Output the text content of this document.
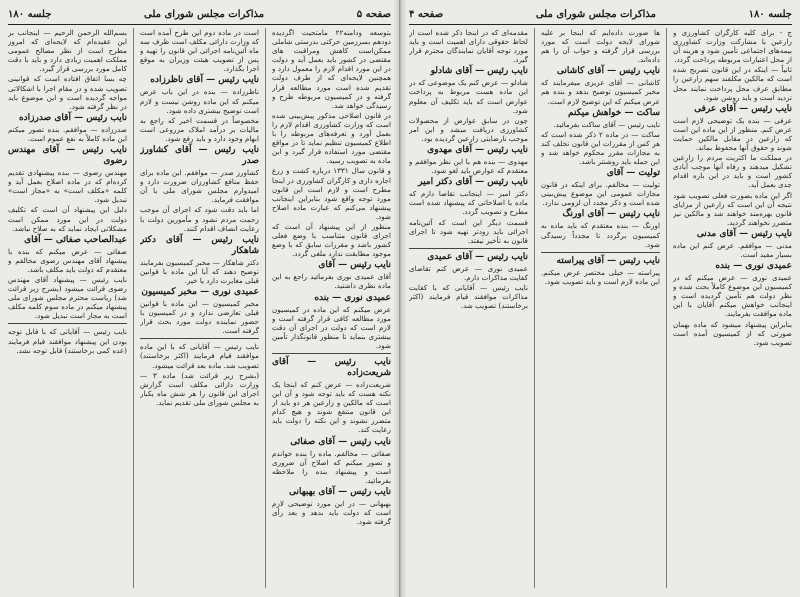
صفحه ۵
مذاکرات مجلس شورای ملی
جلسه ۱۸۰

بتوسعه ودامنه۲۲ مامتحیت اگردیده دودهم بسرزمین حرکتی بدرستی شاملی ممکن‌است کاهش ومراقبت های مقتضی در کشور باید بعمل آید و دولت در این مورد اقدام لازم را معمول دارد و همچنین لایحه‌ای که از طرف دولت تقدیم شده است مورد مطالعه قرار گرفته و در کمیسیون مربوطه طرح و رسیدگی خواهد شد.

در قانون اصلاحی مذکور پیش‌بینی شده است که وزارت کشاورزی اقدام لازم را بعمل آورد و تعرفه‌های مربوطه را با اطلاع کمیسیون تنظیم نماید تا در مواقع مقتضی مورد استفاده قرار گیرد و این ماده به تصویب رسید.

و قانون سال ۱۳۳۱ درباره کشت و زرع اجاره داری و کارگران کشاورزی در اینجا مطرح است و لازم است این قانون مورد توجه واقع شود بنابراین اینجانب پیشنهاد می‌کنم که عبارت ماده اصلاح شود.

منظور از این پیشنهاد آن است که اجرای قانون متناسب با وضع فعلی کشور باشد و مقررات سابق که با وضع موجود مطابقت ندارد ملغی گردد.

نایب رئیس — آقای

آقای عمیدی نوری بفرمائید راجع به این ماده نظری داشتید.

عمیدی نوری — بنده

عرض میکنم که این ماده در کمیسیون مورد مطالعه کافی قرار گرفته است و لازم است که دولت در اجرای آن دقت بیشتری بنماید تا منظور قانونگذار تأمین شود.

نایب رئیس — آقای شریعت‌زاده

شریعت‌زاده — عرض کنم که اینجا یک نکته هست که باید توجه شود و آن این است که مالکین و زارعین هر دو باید از این قانون منتفع شوند و هیچ کدام متضرر نشوند و این نکته را دولت باید رعایت کند.

نایب رئیس — آقای صفائی

صفائی — مخالفم. ماده را بنده خواندم و تصور میکنم که اصلاح آن ضروری است و پیشنهاد بنده را ملاحظه بفرمائید.

نایب رئیس — آقای بهبهانی

بهبهانی — در این مورد توضیحی لازم است که دولت باید بدهد و بعد رأی گرفته شود.

است در ماده دوم این طرح آمده است که وزارت دارائی مکلف است ظرف سه ماه آئین‌نامه اجرائی این قانون را تهیه و پس از تصویب هیئت وزیران به موقع اجرا بگذارد.

نایب رئیس — آقای ناظرزاده

ناظرزاده — بنده در این باب عرض میکنم که این ماده روشن نیست و لازم است توضیح بیشتری داده شود.

مخصوصاً در قسمت اخیر که راجع به مالیات بر درآمد املاک مزروعی است ابهام وجود دارد و باید رفع شود.

نایب رئیس — آقای کشاورز صدر

کشاورز صدر — موافقم. این ماده برای حفظ منافع کشاورزان ضرورت دارد و امیدوارم مجلس شورای ملی با آن موافقت فرماید.

اما باید دقت شود که اجرای آن موجب زحمت مردم نشود و مأمورین دولت با رعایت انصاف اقدام کنند.

نایب رئیس — آقای دکتر شاهکار

دکتر شاهکار — مخبر کمیسیون بفرمایند توضیح دهند که آیا این ماده با قوانین قبلی مغایرت دارد یا خیر.

عمیدی نوری — مخبر کمیسیون

مخبر کمیسیون — این ماده با قوانین قبلی تعارضی ندارد و در کمیسیون با حضور نماینده دولت مورد بحث قرار گرفته است.

نایب رئیس — آقایانی که با این ماده موافقند قیام فرمایند (اکثر برخاستند) تصویب شد. ماده بعد قرائت میشود.

(بشرح زیر قرائت شد) ماده ۳ — وزارت دارائی مکلف است گزارش اجرای این قانون را هر شش ماه یکبار به مجلس شورای ملی تقدیم نماید.

بسم‌الله الرحمن الرحیم — اینجانب بر این عقیده‌ام که لایحه‌ای که امروز مطرح است از نظر مصالح عمومی مملکت اهمیت زیادی دارد و باید با دقت کامل مورد بررسی قرار گیرد.

چه بسا اتفاق افتاده است که قوانینی تصویب شده و در مقام اجرا با اشکالاتی مواجه گردیده است و این موضوع باید در نظر گرفته شود.

نایب رئیس — آقای صدرزاده

صدرزاده — موافقم. بنده تصور میکنم این ماده کاملاً به نفع عموم است.

نایب رئیس — آقای مهندس رضوی

مهندس رضوی — بنده پیشنهادی تقدیم کرده‌ام که در ماده اصلاح بعمل آید و کلمه «مکلف است» به «مجاز است» تبدیل شود.

دلیل این پیشنهاد آن است که تکلیف دولت در این مورد ممکن است مشکلاتی ایجاد نماید که به صلاح نباشد.

عبدالصاحب صفائی — آقای

صفائی — عرض میکنم که بنده با پیشنهاد آقای مهندس رضوی مخالفم و معتقدم که دولت باید مکلف باشد.

نایب رئیس — پیشنهاد آقای مهندس رضوی قرائت میشود (بشرح زیر قرائت شد) ریاست محترم مجلس شورای ملی پیشنهاد میکنم در ماده سوم کلمه مکلف است به مجاز است تبدیل شود.

نایب رئیس — آقایانی که با قابل توجه بودن این پیشنهاد موافقند قیام فرمایند (عده کمی برخاستند) قابل توجه نشد.

جلسه ۱۸۰
مذاکرات مجلس شورای ملی
صفحه ۴

ج - برای کلیه کارگران کشاورزی و زارعین با مشارکت وزارت کشاورزی بیمه‌های اجتماعی تأمین شود و هزینه آن از محل اعتبارات مربوطه پرداخت گردد.

ثانیاً — اینکه در این قانون تصریح شده است که مالکین مکلفند سهم زارعین را مطابق عرف محل پرداخت نمایند محل تردید است و باید روشن شود.

نایب رئیس — آقای عرفی

عرفی — بنده یک توضیحی لازم است عرض کنم. منظور از این ماده این است که زارعین در مقابل مالکین حمایت شوند و حقوق آنها محفوظ بماند.

در مملکت ما اکثریت مردم را زارعین تشکیل میدهند و رفاه آنها موجب آبادی کشور است و باید در این باره اقدام جدی بعمل آید.

اگر این ماده بصورت فعلی تصویب شود نتیجه آن این است که زارعین از مزایای قانون بهره‌مند خواهند شد و مالکین نیز متضرر نخواهند گردید.

نایب رئیس — آقای مدنی

مدنی — موافقم. عرض کنم این ماده بسیار مفید است.

عمیدی نوری — بنده

عمیدی نوری — عرض میکنم که در کمیسیون این موضوع کاملاً بحث شده و نظر دولت هم تأمین گردیده است و اینجانب خواهش میکنم آقایان با این ماده موافقت بفرمایند.

بنابراین پیشنهاد میشود که ماده بهمان صورتی که از کمیسیون آمده است تصویب شود.

ها صورت داده‌ایم که اینجا بر علیه شورای لایحه دولت است که مورد بررسی قرار گرفته و جواب آن را هم داده‌اند.

نایب رئیس — آقای کاشانی

کاشانی — آقای عزیزی میفرمایند که مخبر کمیسیون توضیح بدهد و بنده هم عرض میکنم که این توضیح لازم است.

ساکت — خواهش میکنم

نایب رئیس — آقای ساکت بفرمائید.

ساکت — در ماده ۲ ذکر شده است که هر کس از مقررات این قانون تخلف کند به مجازات مقرر محکوم خواهد شد و این جمله باید روشنتر باشد.

تولیت — آقای

تولیت — مخالفم. برای اینکه در قانون مجازات عمومی این موضوع پیش‌بینی شده است و ذکر مجدد آن لزومی ندارد.

نایب رئیس — آقای اورنگ

اورنگ — بنده معتقدم که باید ماده به کمیسیون برگردد تا مجدداً رسیدگی شود.

نایب رئیس — آقای پیراسته

پیراسته — خیلی مختصر عرض میکنم. این ماده لازم است و باید تصویب شود.

مقدمه‌ای که در اینجا ذکر شده است از لحاظ حقوقی دارای اهمیت است و باید مورد توجه آقایان نمایندگان محترم قرار گیرد.

نایب رئیس — آقای شادلو

شادلو — عرض کنم یک موضوعی که در این ماده هست مربوط به پرداخت عوارض است که باید تکلیف آن معلوم شود.

چون در سابق عوارض از محصولات کشاورزی دریافت میشد و این امر موجب نارضایتی زارعین گردیده بود.

نایب رئیس — آقای مهدوی

مهدوی — بنده هم با این نظر موافقم و معتقدم که عوارض باید لغو شود.

نایب رئیس — آقای دکتر امیر

دکتر امیر — اینجانب تقاضا دارم که ماده با اصلاحاتی که پیشنهاد شده است مطرح و تصویب گردد.

قسمت دیگر این است که آئین‌نامه اجرائی باید زودتر تهیه شود تا اجرای قانون به تأخیر نیفتد.

نایب رئیس — آقای عمیدی

عمیدی نوری — عرض کنم تقاضای کفایت مذاکرات دارم.

نایب رئیس — آقایانی که با کفایت مذاکرات موافقند قیام فرمایند (اکثر برخاستند) تصویب شد.
